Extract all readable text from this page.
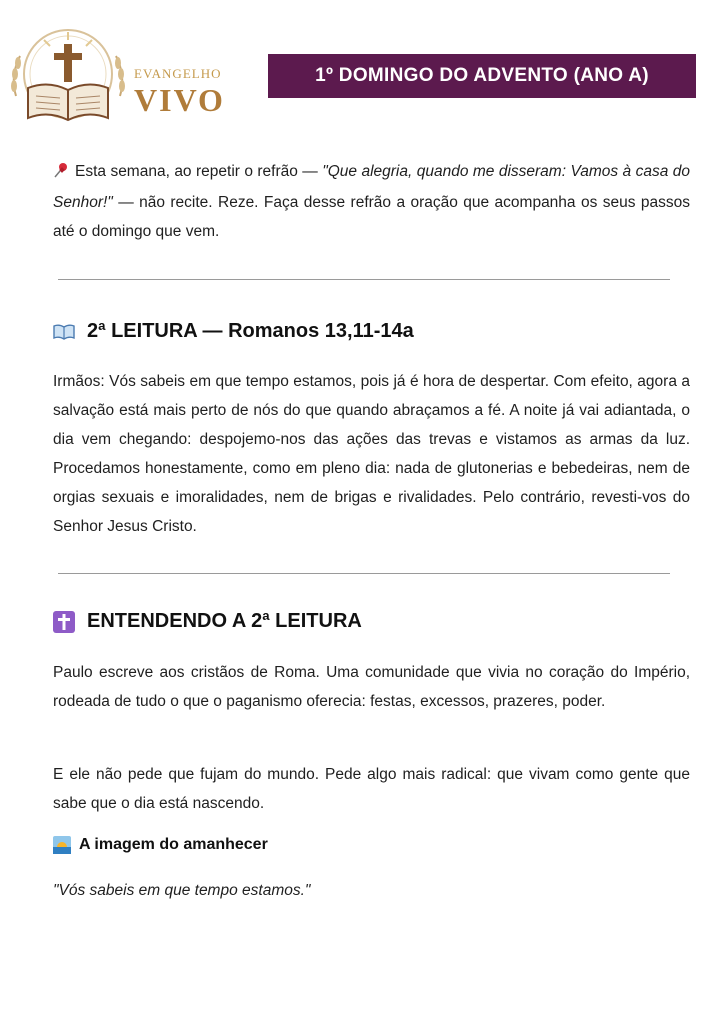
EVANGELHO
VIVO
1º DOMINGO DO ADVENTO (ANO A)
Esta semana, ao repetir o refrão — "Que alegria, quando me disseram: Vamos à casa do Senhor!" — não recite. Reze. Faça desse refrão a oração que acompanha os seus passos até o domingo que vem.
2ª LEITURA — Romanos 13,11-14a
Irmãos: Vós sabeis em que tempo estamos, pois já é hora de despertar. Com efeito, agora a salvação está mais perto de nós do que quando abraçamos a fé. A noite já vai adiantada, o dia vem chegando: despojemo-nos das ações das trevas e vistamos as armas da luz. Procedamos honestamente, como em pleno dia: nada de glutonerias e bebedeiras, nem de orgias sexuais e imoralidades, nem de brigas e rivalidades. Pelo contrário, revesti-vos do Senhor Jesus Cristo.
ENTENDENDO A 2ª LEITURA
Paulo escreve aos cristãos de Roma. Uma comunidade que vivia no coração do Império, rodeada de tudo o que o paganismo oferecia: festas, excessos, prazeres, poder.
E ele não pede que fujam do mundo. Pede algo mais radical: que vivam como gente que sabe que o dia está nascendo.
A imagem do amanhecer
"Vós sabeis em que tempo estamos."
